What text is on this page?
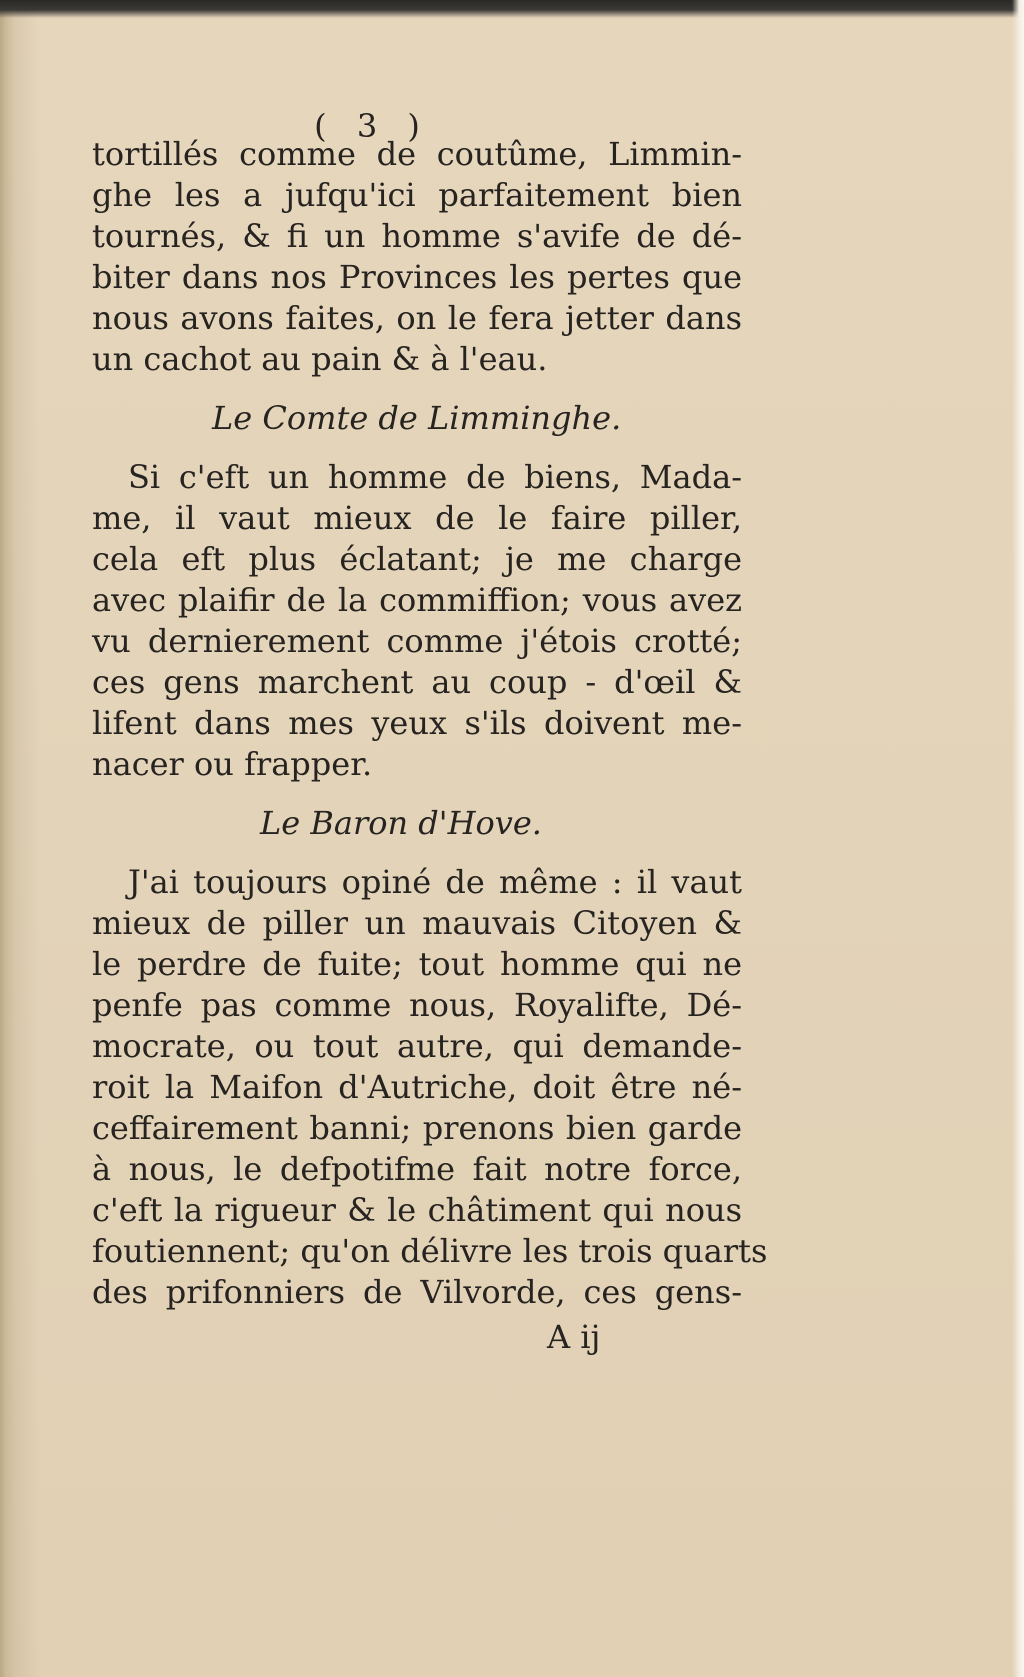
( 3 )
tortillés comme de coutûme, Limmin-
ghe les a jufqu'ici parfaitement bien
tournés, & fi un homme s'avife de dé-
biter dans nos Provinces les pertes que
nous avons faites, on le fera jetter dans
un cachot au pain & à l'eau.
Le Comte de Limminghe.
Si c'eft un homme de biens, Mada-
me, il vaut mieux de le faire piller,
cela eft plus éclatant; je me charge
avec plaifir de la commiffion; vous avez
vu dernierement comme j'étois crotté;
ces gens marchent au coup - d'œil &
lifent dans mes yeux s'ils doivent me-
nacer ou frapper.
Le Baron d'Hove.
J'ai toujours opiné de même : il vaut
mieux de piller un mauvais Citoyen &
le perdre de fuite; tout homme qui ne
penfe pas comme nous, Royalifte, Dé-
mocrate, ou tout autre, qui demande-
roit la Maifon d'Autriche, doit être né-
ceffairement banni; prenons bien garde
à nous, le defpotifme fait notre force,
c'eft la rigueur & le châtiment qui nous
foutiennent; qu'on délivre les trois quarts
des prifonniers de Vilvorde, ces gens-
A ij
